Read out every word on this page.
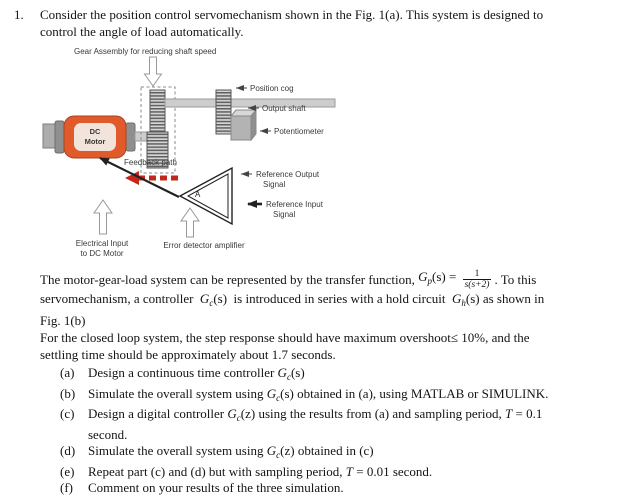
1.	Consider the position control servomechanism shown in the Fig. 1(a). This system is designed to
control the angle of load automatically.
Gear Assembly for reducing shaft speed
DC
Motor
Position cog
Output shaft
Potentiometer
A
Feedback path
Reference Output
Signal
Reference Input
Signal
Electrical Input
to DC Motor
Error detector amplifier
The motor-gear-load system can be represented by the transfer function, $G_p(s) = \frac{1}{s(s+2)}$ . To this
servomechanism, a controller  $G_c(s)$  is introduced in series with a hold circuit  $G_h(s)$ as shown in
Fig. 1(b)
For the closed loop system, the step response should have maximum overshoot≤ 10%, and the
settling time should be approximately about 1.7 seconds.
(a)	Design a continuous time controller $G_c(s)$
(b) Simulate the overall system using $G_c(s)$ obtained in (a), using MATLAB or SIMULINK.
(c)	Design a digital controller $G_c(z)$ using the results from (a) and sampling period, T = 0.1
second.
(d) Simulate the overall system using $G_c(z)$ obtained in (c)
(e)	Repeat part (c) and (d) but with sampling period, T = 0.01 second.
(f)	Comment on your results of the three simulation.
